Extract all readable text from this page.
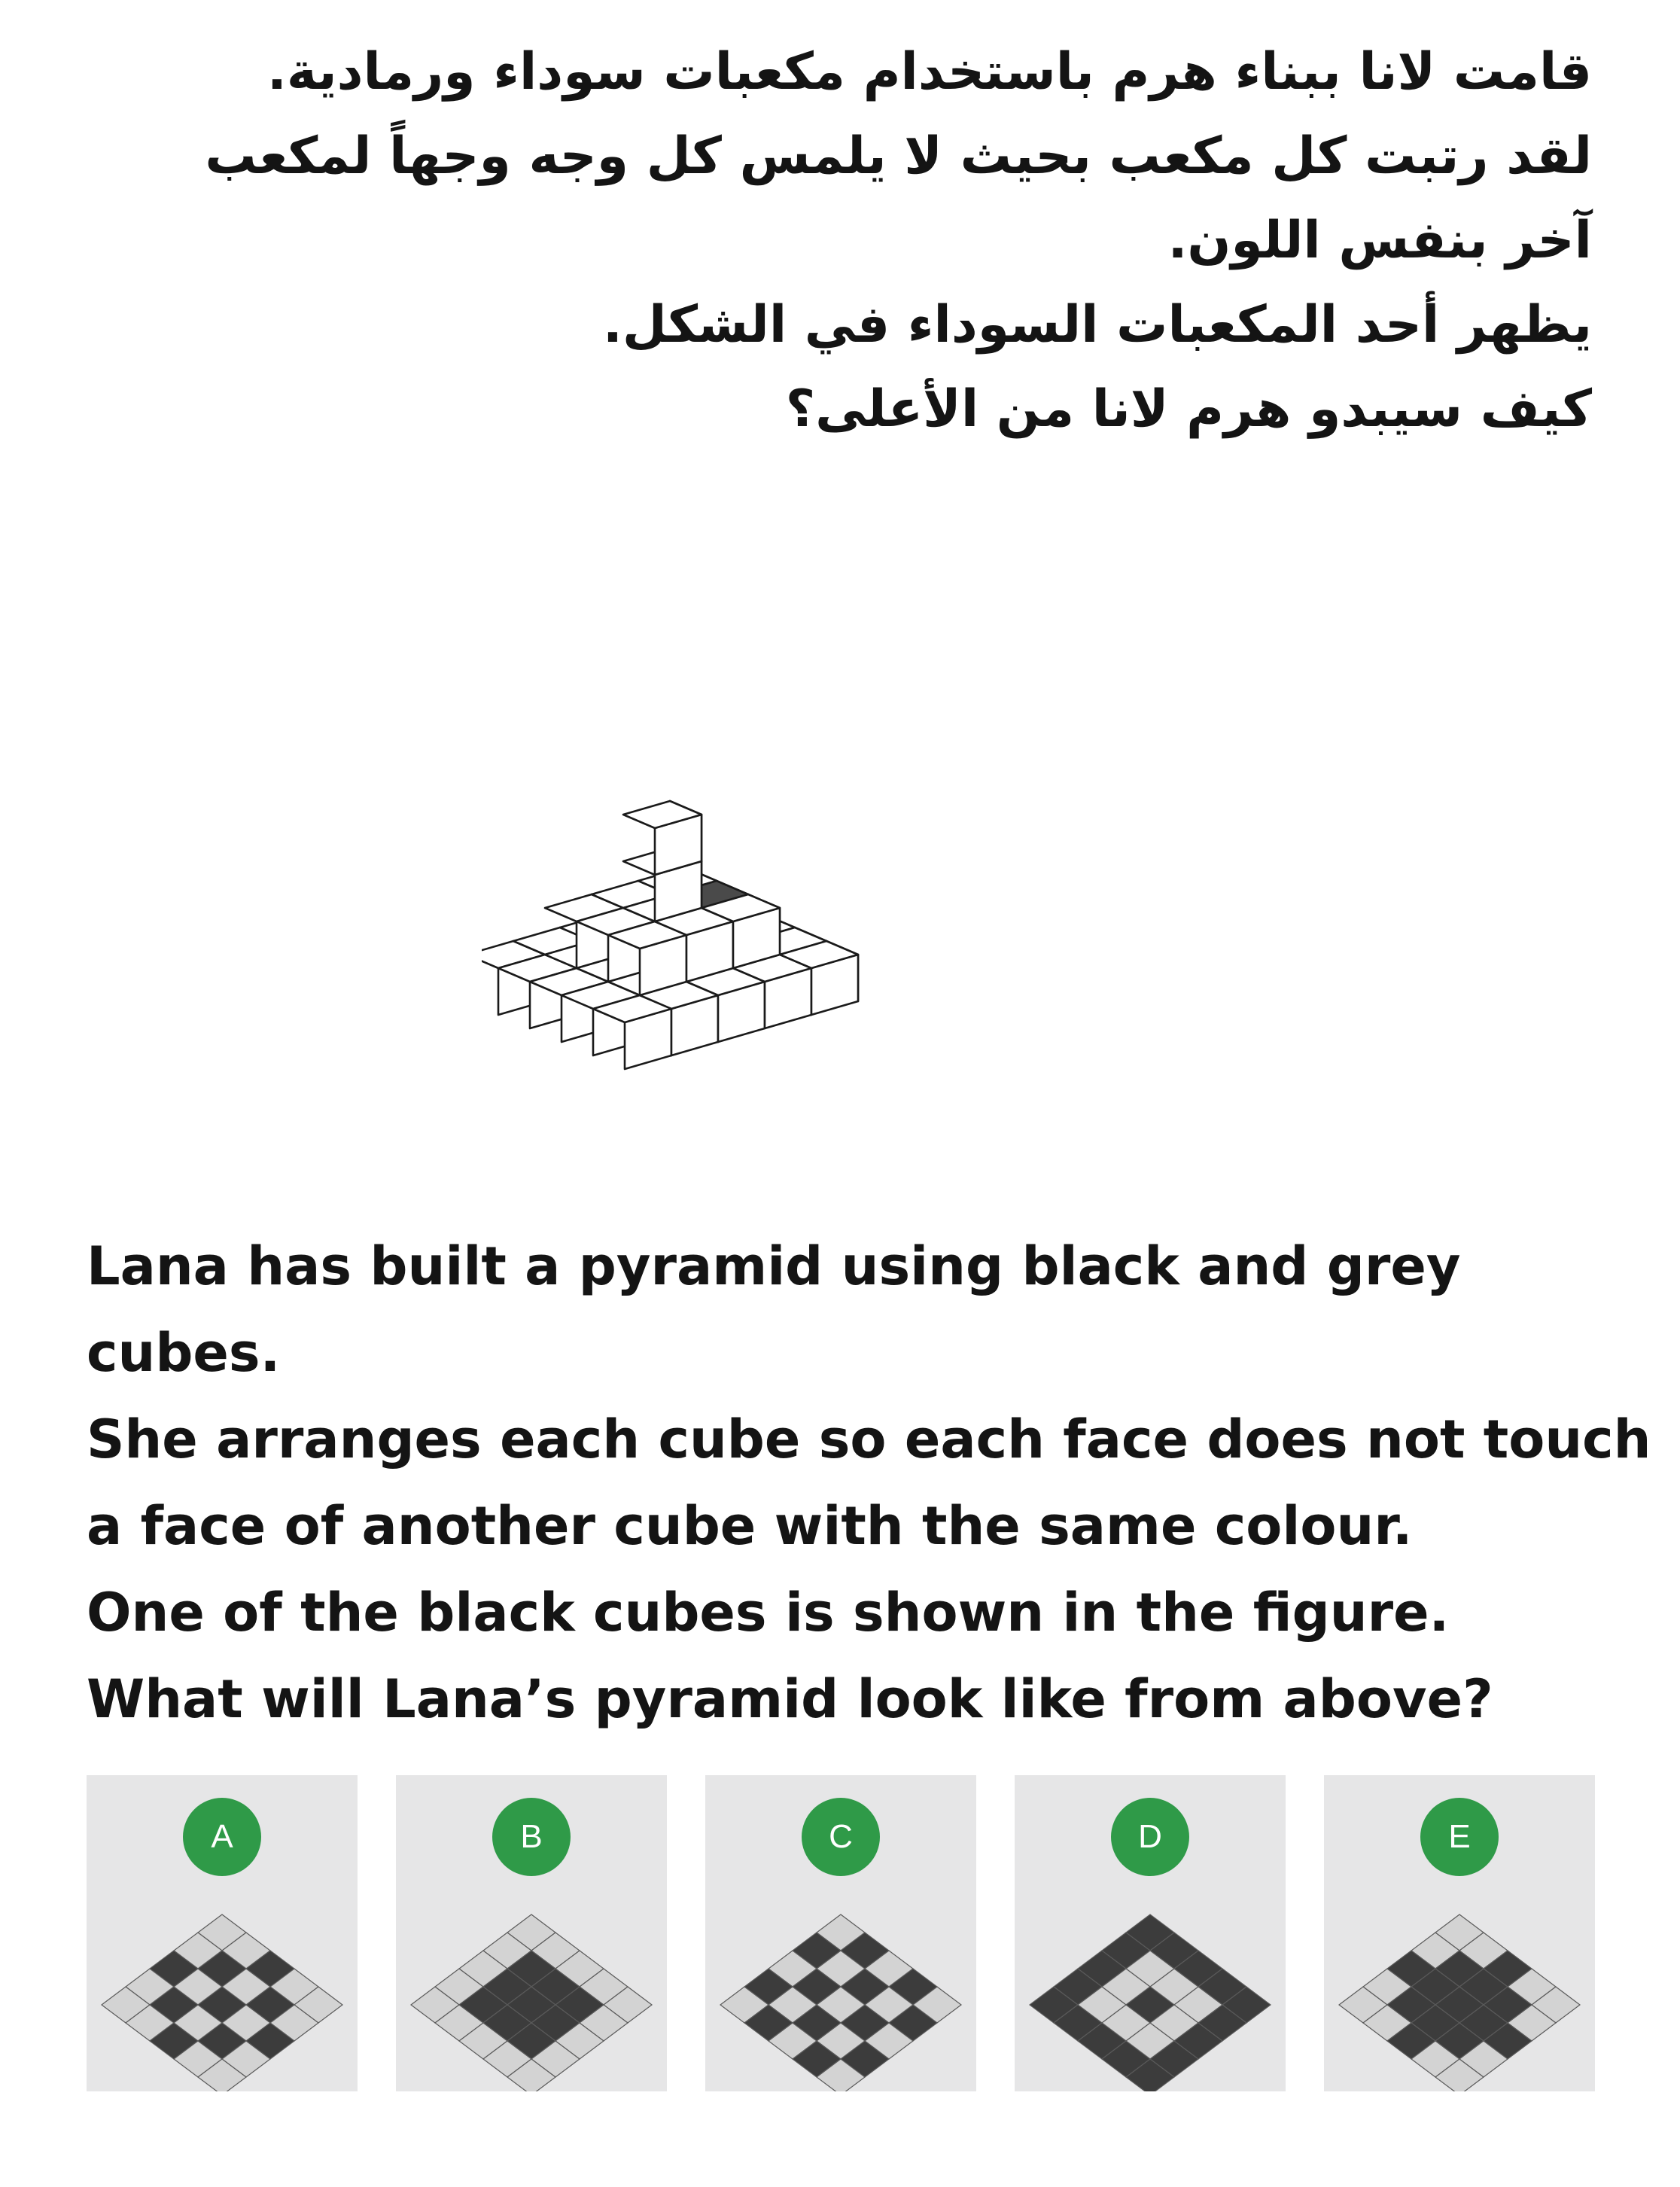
قامت لانا ببناء هرم باستخدام مكعبات سوداء ورمادية.
لقد رتبت كل مكعب بحيث لا يلمس كل وجه وجهاً لمكعب
آخر بنفس اللون.
يظهر أحد المكعبات السوداء في الشكل.
كيف سيبدو هرم لانا من الأعلى؟
Lana has built a pyramid using black and grey
cubes.
She arranges each cube so each face does not touch
a face of another cube with the same colour.
One of the black cubes is shown in the figure.
What will Lana’s pyramid look like from above?
A	B	C	D	E
